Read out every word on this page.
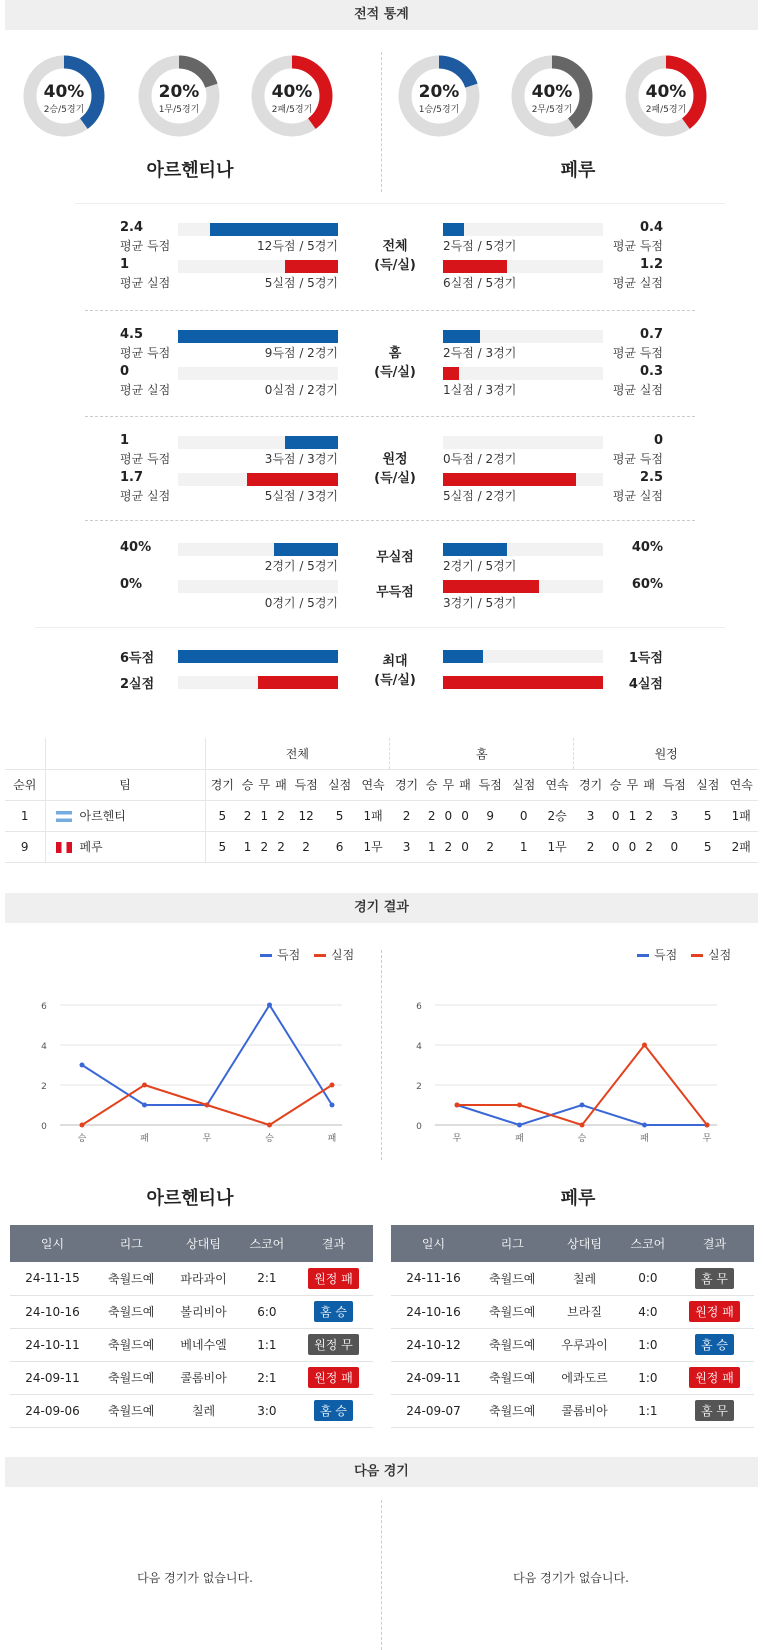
전적 통계
40%
2승/5경기
20%
1무/5경기
40%
2패/5경기
20%
1승/5경기
40%
2무/5경기
40%
2패/5경기
아르헨티나	페루
2.4
평균 득점	12득점 / 5경기
1
평균 실점	5실점 / 5경기
0.4
평균 득점
2득점 / 5경기
1.2
평균 실점
6실점 / 5경기
전체
(득/실)
4.5
평균 득점	9득점 / 2경기
0
평균 실점	0실점 / 2경기
0.7
평균 득점
2득점 / 3경기
0.3
평균 실점
1실점 / 3경기
홈
(득/실)
1
평균 득점	3득점 / 3경기
1.7
평균 실점	5실점 / 3경기
0
평균 득점
0득점 / 2경기
2.5
평균 실점
5실점 / 2경기
원정
(득/실)
40%
2경기 / 5경기
0%
0경기 / 5경기
40%
2경기 / 5경기
60%
3경기 / 5경기
무실점
무득점
6득점
2실점
1득점
4실점
최대
(득/실)
		전체							홈							원정						
순위	팀	경기	승	무	패	득점	실점	연속	경기	승	무	패	득점	실점	연속	경기	승	무	패	득점	실점	연속
1	아르헨티	5	2	1	2	12	5	1패	2	2	0	0	9	0	2승	3	0	1	2	3	5	1패
9	페루	5	1	2	2	2	6	1무	3	1	2	0	2	1	1무	2	0	0	2	0	5	2패
경기 결과
득점	실점	득점	실점
0
2
4
6
승	패	무	승	패
0
2
4
6
무	패	승	패	무
아르헨티나	페루
일시	리그	상대팀	스코어	결과
24-11-15	축월드예	파라과이	2:1	원정 패
24-10-16	축월드예	볼리비아	6:0	홈 승
24-10-11	축월드예	베네수엘	1:1	원정 무
24-09-11	축월드예	콜롬비아	2:1	원정 패
24-09-06	축월드예	칠레	3:0	홈 승
일시	리그	상대팀	스코어	결과
24-11-16	축월드예	칠레	0:0	홈 무
24-10-16	축월드예	브라질	4:0	원정 패
24-10-12	축월드예	우루과이	1:0	홈 승
24-09-11	축월드예	에콰도르	1:0	원정 패
24-09-07	축월드예	콜롬비아	1:1	홈 무
다음 경기
다음 경기가 없습니다.	다음 경기가 없습니다.
